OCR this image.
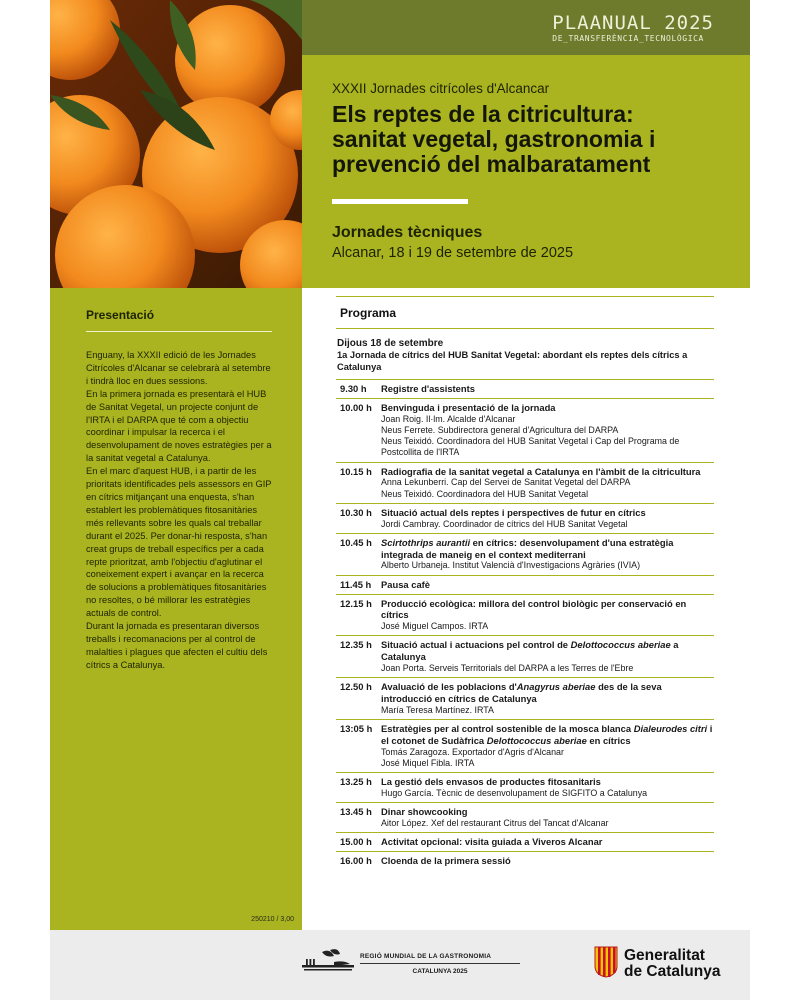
PLAANUAL 2025
DE_TRANSFERÈNCIA_TECNOLÒGICA
XXXII Jornades citrícoles d'Alcancar
Els reptes de la citricultura:
sanitat vegetal, gastronomia i
prevenció del malbaratament
Jornades tècniques
Alcanar, 18 i 19 de setembre de 2025
Presentació

Enguany, la XXXII edició de les Jornades Citrícoles d'Alcanar se celebrarà al setembre i tindrà lloc en dues sessions.

En la primera jornada es presentarà el HUB de Sanitat Vegetal, un projecte conjunt de l'IRTA i el DARPA que té com a objectiu coordinar i impulsar la recerca i el desenvolupament de noves estratègies per a la sanitat vegetal a Catalunya.

En el marc d'aquest HUB, i a partir de les prioritats identificades pels assessors en GIP en cítrics mitjançant una enquesta, s'han establert les problemàtiques fitosanitàries més rellevants sobre les quals cal treballar durant el 2025. Per donar-hi resposta, s'han creat grups de treball específics per a cada repte prioritzat, amb l'objectiu d'aglutinar el coneixement expert i avançar en la recerca de solucions a problemàtiques fitosanitàries no resoltes, o bé millorar les estratègies actuals de control.

Durant la jornada es presentaran diversos treballs i recomanacions per al control de malalties i plagues que afecten el cultiu dels cítrics a Catalunya.

250210 / 3,00
Programa
Dijous 18 de setembre
1a Jornada de cítrics del HUB Sanitat Vegetal: abordant els reptes dels cítrics a Catalunya
9.30 h	Registre d'assistents
10.00 h Benvinguda i presentació de la jornada
Joan Roig. Il·lm. Alcalde d'Alcanar
Neus Ferrete. Subdirectora general d'Agricultura del DARPA
Neus Teixidó. Coordinadora del HUB Sanitat Vegetal i Cap del Programa de Postcollita de l'IRTA
10.15 h Radiografia de la sanitat vegetal a Catalunya en l'àmbit de la citricultura
Anna Lekunberri. Cap del Servei de Sanitat Vegetal del DARPA
Neus Teixidó. Coordinadora del HUB Sanitat Vegetal
10.30 h Situació actual dels reptes i perspectives de futur en cítrics
Jordi Cambray. Coordinador de cítrics del HUB Sanitat Vegetal
10.45 h Scirtothrips aurantii en cítrics: desenvolupament d'una estratègia integrada de maneig en el context mediterrani
Alberto Urbaneja. Institut Valencià d'Investigacions Agràries (IVIA)
11.45 h	Pausa cafè
12.15 h Producció ecològica: millora del control biològic per conservació en cítrics
José Miguel Campos. IRTA
12.35 h Situació actual i actuacions pel control de Delottococcus aberiae a Catalunya
Joan Porta. Serveis Territorials del DARPA a les Terres de l'Ebre
12.50 h Avaluació de les poblacions d'Anagyrus aberiae des de la seva introducció en cítrics de Catalunya
María Teresa Martínez. IRTA
13:05 h Estratègies per al control sostenible de la mosca blanca Dialeurodes citri i el cotonet de Sudàfrica Delottococcus aberiae en cítrics
Tomás Zaragoza. Exportador d'Agris d'Alcanar
José Miquel Fibla. IRTA
13.25 h La gestió dels envasos de productes fitosanitaris
Hugo García. Tècnic de desenvolupament de SIGFITO a Catalunya
13.45 h Dinar showcooking
Aitor López. Xef del restaurant Citrus del Tancat d'Alcanar
15.00 h Activitat opcional: visita guiada a Viveros Alcanar
16.00 h Cloenda de la primera sessió
REGIÓ MUNDIAL DE LA GASTRONOMIA
CATALUNYA 2025
Generalitat
de Catalunya
